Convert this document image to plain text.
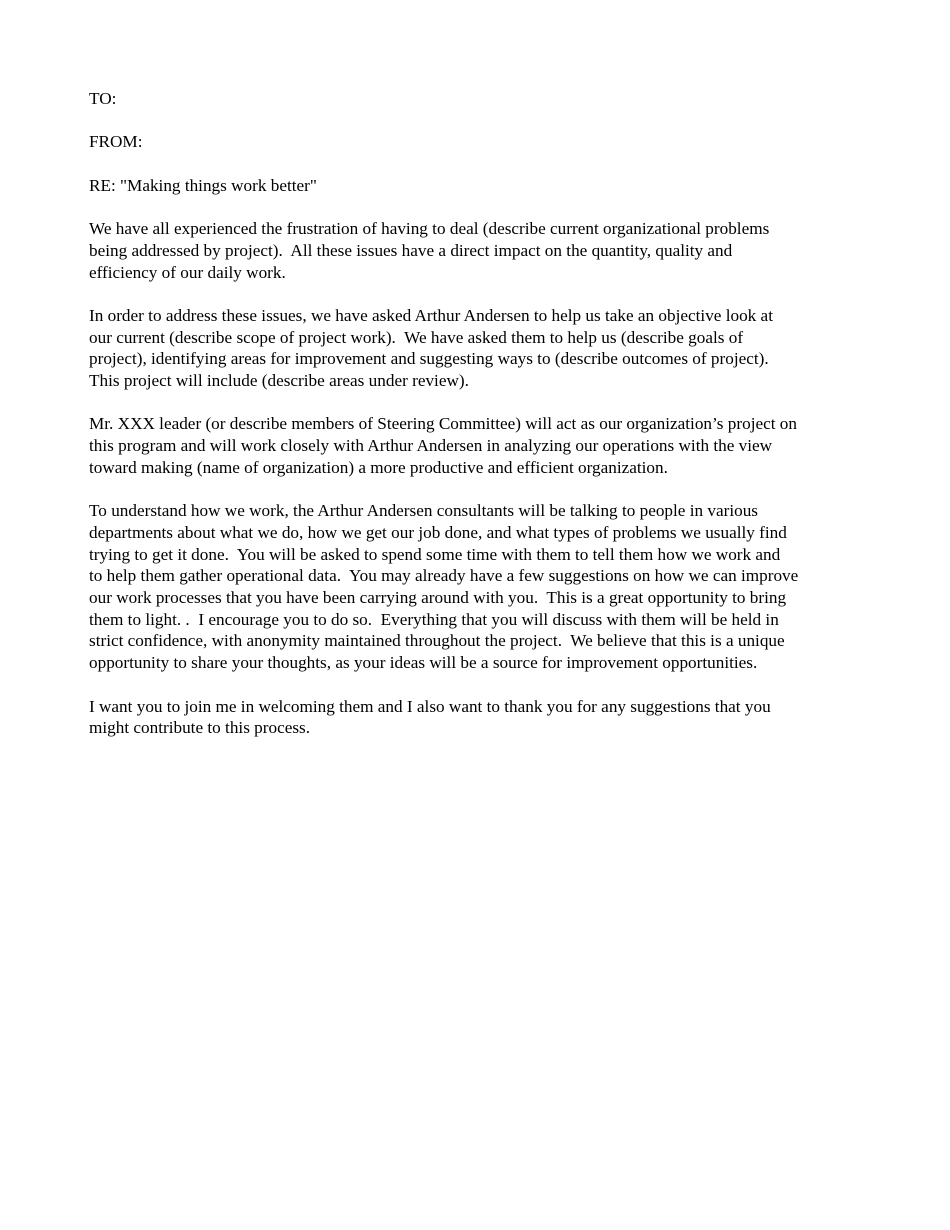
TO:

FROM:

RE: "Making things work better"

We have all experienced the frustration of having to deal (describe current organizational problems

being addressed by project).  All these issues have a direct impact on the quantity, quality and

efficiency of our daily work.

In order to address these issues, we have asked Arthur Andersen to help us take an objective look at

our current (describe scope of project work).  We have asked them to help us (describe goals of

project), identifying areas for improvement and suggesting ways to (describe outcomes of project).

This project will include (describe areas under review).

Mr. XXX leader (or describe members of Steering Committee) will act as our organization’s project on

this program and will work closely with Arthur Andersen in analyzing our operations with the view

toward making (name of organization) a more productive and efficient organization.

To understand how we work, the Arthur Andersen consultants will be talking to people in various

departments about what we do, how we get our job done, and what types of problems we usually find

trying to get it done.  You will be asked to spend some time with them to tell them how we work and

to help them gather operational data.  You may already have a few suggestions on how we can improve

our work processes that you have been carrying around with you.  This is a great opportunity to bring

them to light. .  I encourage you to do so.  Everything that you will discuss with them will be held in

strict confidence, with anonymity maintained throughout the project.  We believe that this is a unique

opportunity to share your thoughts, as your ideas will be a source for improvement opportunities.

I want you to join me in welcoming them and I also want to thank you for any suggestions that you

might contribute to this process.
